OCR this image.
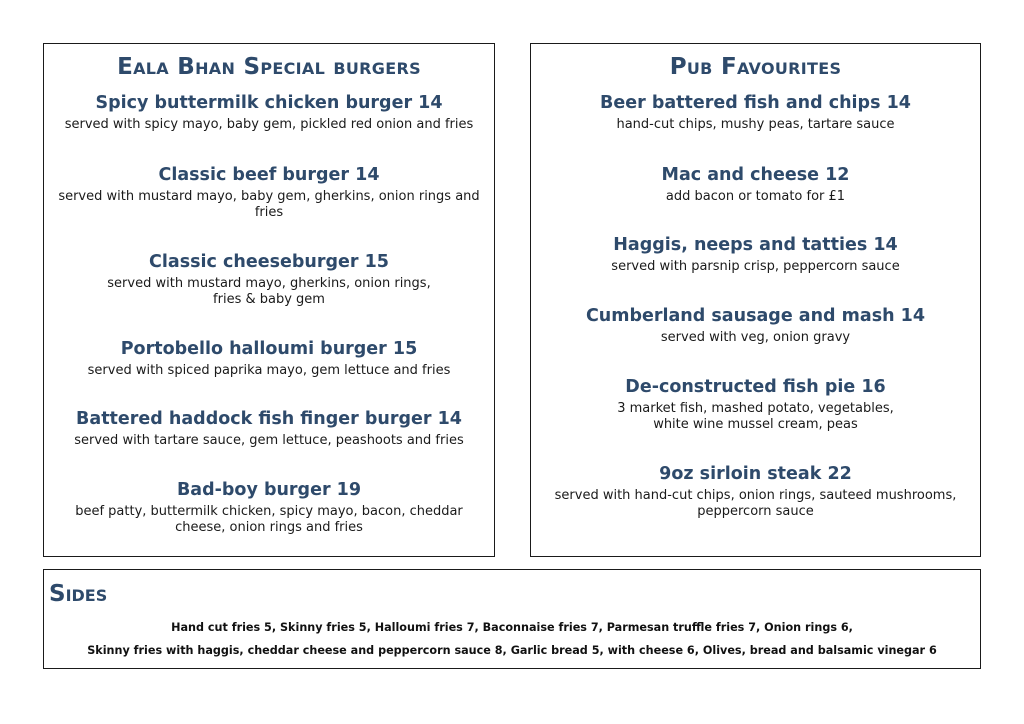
Eala Bhan Special burgers
Spicy buttermilk chicken burger 14
served with spicy mayo, baby gem, pickled red onion and fries
Classic beef burger 14
served with mustard mayo, baby gem, gherkins, onion rings and fries
Classic cheeseburger 15
served with mustard mayo, gherkins, onion rings,
fries & baby gem
Portobello halloumi burger 15
served with spiced paprika mayo, gem lettuce and fries
Battered haddock fish finger burger 14
served with tartare sauce, gem lettuce, peashoots and fries
Bad-boy burger 19
beef patty, buttermilk chicken, spicy mayo, bacon, cheddar cheese, onion rings and fries
Pub Favourites
Beer battered fish and chips 14
hand-cut chips, mushy peas, tartare sauce
Mac and cheese 12
add bacon or tomato for £1
Haggis, neeps and tatties 14
served with parsnip crisp, peppercorn sauce
Cumberland sausage and mash 14
served with veg, onion gravy
De-constructed fish pie 16
3 market fish, mashed potato, vegetables,
white wine mussel cream, peas
9oz sirloin steak 22
served with hand-cut chips, onion rings, sauteed mushrooms,
peppercorn sauce
Sides
Hand cut fries 5, Skinny fries 5, Halloumi fries 7, Baconnaise fries 7, Parmesan truffle fries 7, Onion rings 6,
Skinny fries with haggis, cheddar cheese and peppercorn sauce 8, Garlic bread 5, with cheese 6, Olives, bread and balsamic vinegar 6
